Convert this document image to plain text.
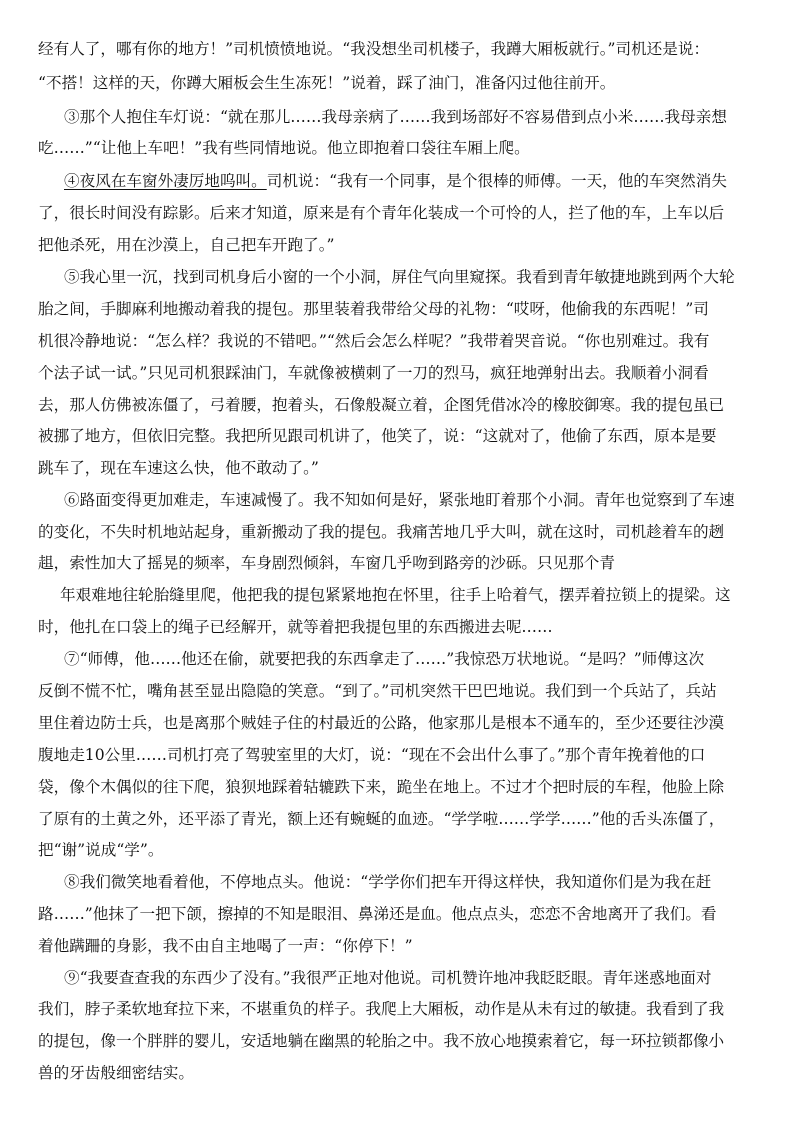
经有人了，哪有你的地方！”司机愤愤地说。“我没想坐司机楼子，我蹲大厢板就行。”司机还是说：
“不搭！这样的天，你蹲大厢板会生生冻死！”说着，踩了油门，准备闪过他往前开。
③那个人抱住车灯说：“就在那儿……我母亲病了……我到场部好不容易借到点小米……我母亲想
吃……”“让他上车吧！”我有些同情地说。他立即抱着口袋往车厢上爬。
④夜风在车窗外凄厉地呜叫。司机说：“我有一个同事，是个很棒的师傅。一天，他的车突然消失
了，很长时间没有踪影。后来才知道，原来是有个青年化装成一个可怜的人，拦了他的车，上车以后
把他杀死，用在沙漠上，自己把车开跑了。”
⑤我心里一沉，找到司机身后小窗的一个小洞，屏住气向里窥探。我看到青年敏捷地跳到两个大轮
胎之间，手脚麻利地搬动着我的提包。那里装着我带给父母的礼物：“哎呀，他偷我的东西呢！”司
机很冷静地说：“怎么样？我说的不错吧。”“然后会怎么样呢？”我带着哭音说。“你也别难过。我有
个法子试一试。”只见司机狠踩油门，车就像被横刺了一刀的烈马，疯狂地弹射出去。我顺着小洞看
去，那人仿佛被冻僵了，弓着腰，抱着头，石像般凝立着，企图凭借冰冷的橡胶御寒。我的提包虽已
被挪了地方，但依旧完整。我把所见跟司机讲了，他笑了，说：“这就对了，他偷了东西，原本是要
跳车了，现在车速这么快，他不敢动了。”
⑥路面变得更加难走，车速减慢了。我不知如何是好，紧张地盯着那个小洞。青年也觉察到了车速
的变化，不失时机地站起身，重新搬动了我的提包。我痛苦地几乎大叫，就在这时，司机趁着车的趔
趄，索性加大了摇晃的频率，车身剧烈倾斜，车窗几乎吻到路旁的沙砾。只见那个青
年艰难地往轮胎缝里爬，他把我的提包紧紧地抱在怀里，往手上哈着气，摆弄着拉锁上的提梁。这
时，他扎在口袋上的绳子已经解开，就等着把我提包里的东西搬进去呢……
⑦“师傅，他……他还在偷，就要把我的东西拿走了……”我惊恐万状地说。“是吗？”师傅这次
反倒不慌不忙，嘴角甚至显出隐隐的笑意。“到了。”司机突然干巴巴地说。我们到一个兵站了，兵站
里住着边防士兵，也是离那个贼娃子住的村最近的公路，他家那儿是根本不通车的，至少还要往沙漠
腹地走10公里……司机打亮了驾驶室里的大灯，说：“现在不会出什么事了。”那个青年挽着他的口
袋，像个木偶似的往下爬，狼狈地踩着轱辘跌下来，跪坐在地上。不过才个把时辰的车程，他脸上除
了原有的土黄之外，还平添了青光，额上还有蜿蜒的血迹。“学学啦……学学……”他的舌头冻僵了，
把“谢”说成“学”。
⑧我们微笑地看着他，不停地点头。他说：“学学你们把车开得这样快，我知道你们是为我在赶
路……”他抹了一把下颌，擦掉的不知是眼泪、鼻涕还是血。他点点头，恋恋不舍地离开了我们。看
着他蹒跚的身影，我不由自主地喝了一声：“你停下！”
⑨“我要查查我的东西少了没有。”我很严正地对他说。司机赞许地冲我眨眨眼。青年迷惑地面对
我们，脖子柔软地耷拉下来，不堪重负的样子。我爬上大厢板，动作是从未有过的敏捷。我看到了我
的提包，像一个胖胖的婴儿，安适地躺在幽黑的轮胎之中。我不放心地摸索着它，每一环拉锁都像小
兽的牙齿般细密结实。
